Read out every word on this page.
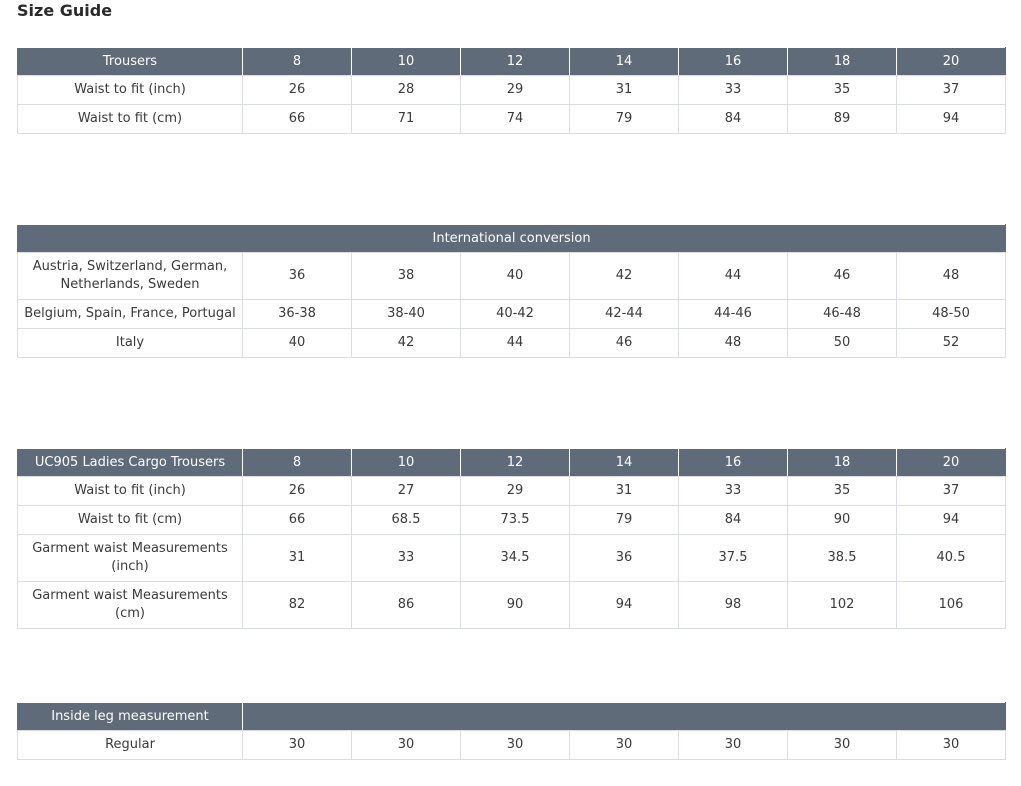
Size Guide
Trousers	8	10	12	14	16	18	20
Waist to fit (inch)	26	28	29	31	33	35	37
Waist to fit (cm)	66	71	74	79	84	89	94
International conversion							
Austria, Switzerland, German, Netherlands, Sweden	36	38	40	42	44	46	48
Belgium, Spain, France, Portugal	36-38	38-40	40-42	42-44	44-46	46-48	48-50
Italy	40	42	44	46	48	50	52
UC905 Ladies Cargo Trousers	8	10	12	14	16	18	20
Waist to fit (inch)	26	27	29	31	33	35	37
Waist to fit (cm)	66	68.5	73.5	79	84	90	94
Garment waist Measurements (inch)	31	33	34.5	36	37.5	38.5	40.5
Garment waist Measurements (cm)	82	86	90	94	98	102	106
Inside leg measurement							
Regular	30	30	30	30	30	30	30
